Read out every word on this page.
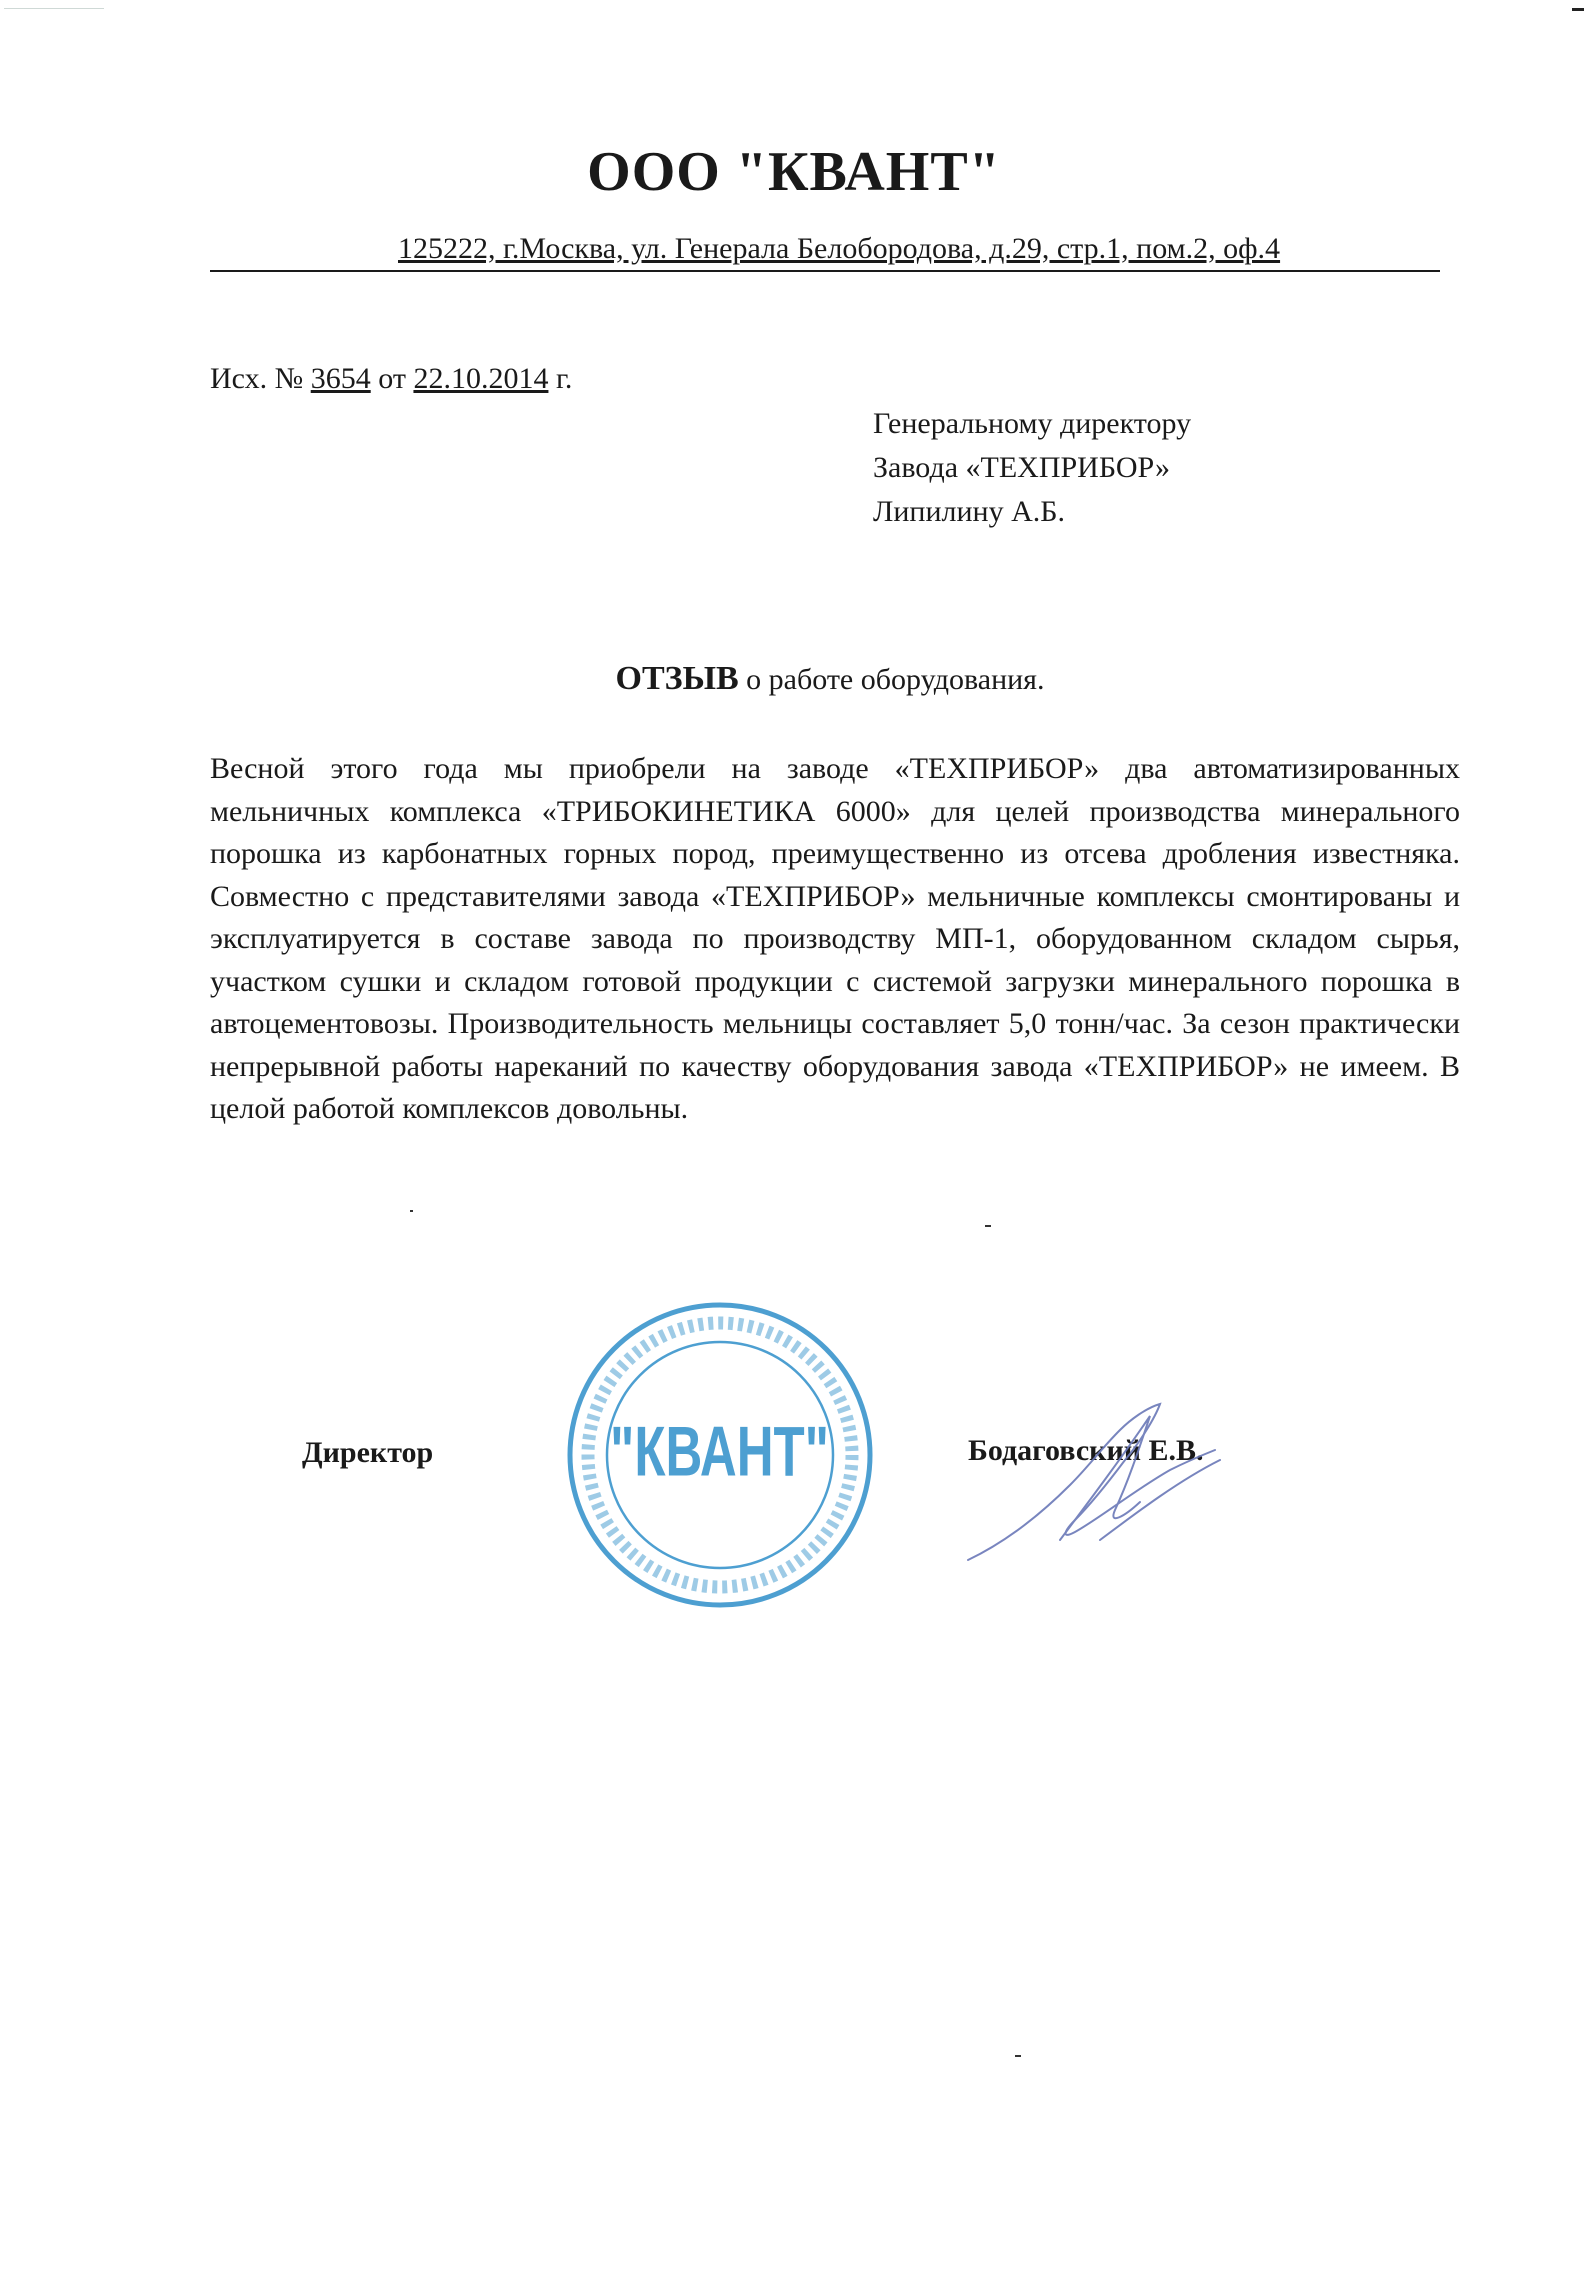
ООО "КВАНТ"
125222, г.Москва, ул. Генерала Белобородова, д.29, стр.1, пом.2, оф.4
Исх. № 3654 от 22.10.2014 г.
Генеральному директору
Завода «ТЕХПРИБОР»
Липилину А.Б.
ОТЗЫВ о работе оборудования.

Весной этого года мы приобрели на заводе «ТЕХПРИБОР» два автоматизированных мельничных комплекса «ТРИБОКИНЕТИКА 6000» для целей производства минерального порошка из карбонатных горных пород, преимущественно из отсева дробления известняка. Совместно с представителями завода «ТЕХПРИБОР» мельничные комплексы смонтированы и эксплуатируется в составе завода по производству МП-1, оборудованном складом сырья, участком сушки и складом готовой продукции с системой загрузки минерального порошка в автоцементовозы. Производительность мельницы составляет 5,0 тонн/час. За сезон практически непрерывной работы нареканий по качеству оборудования завода «ТЕХПРИБОР» не имеем. В целой работой комплексов довольны.

Директор	Бодаговский Е.В.
"КВАНТ"
